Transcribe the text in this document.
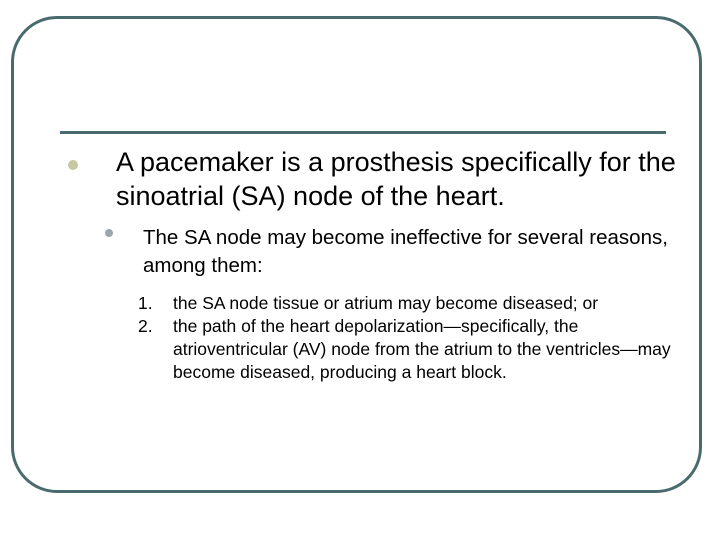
A pacemaker is a prosthesis specifically for the sinoatrial (SA) node of the heart.

The SA node may become ineffective for several reasons, among them:

1. the SA node tissue or atrium may become diseased; or
2. the path of the heart depolarization—specifically, the atrioventricular (AV) node from the atrium to the ventricles—may become diseased, producing a heart block.
